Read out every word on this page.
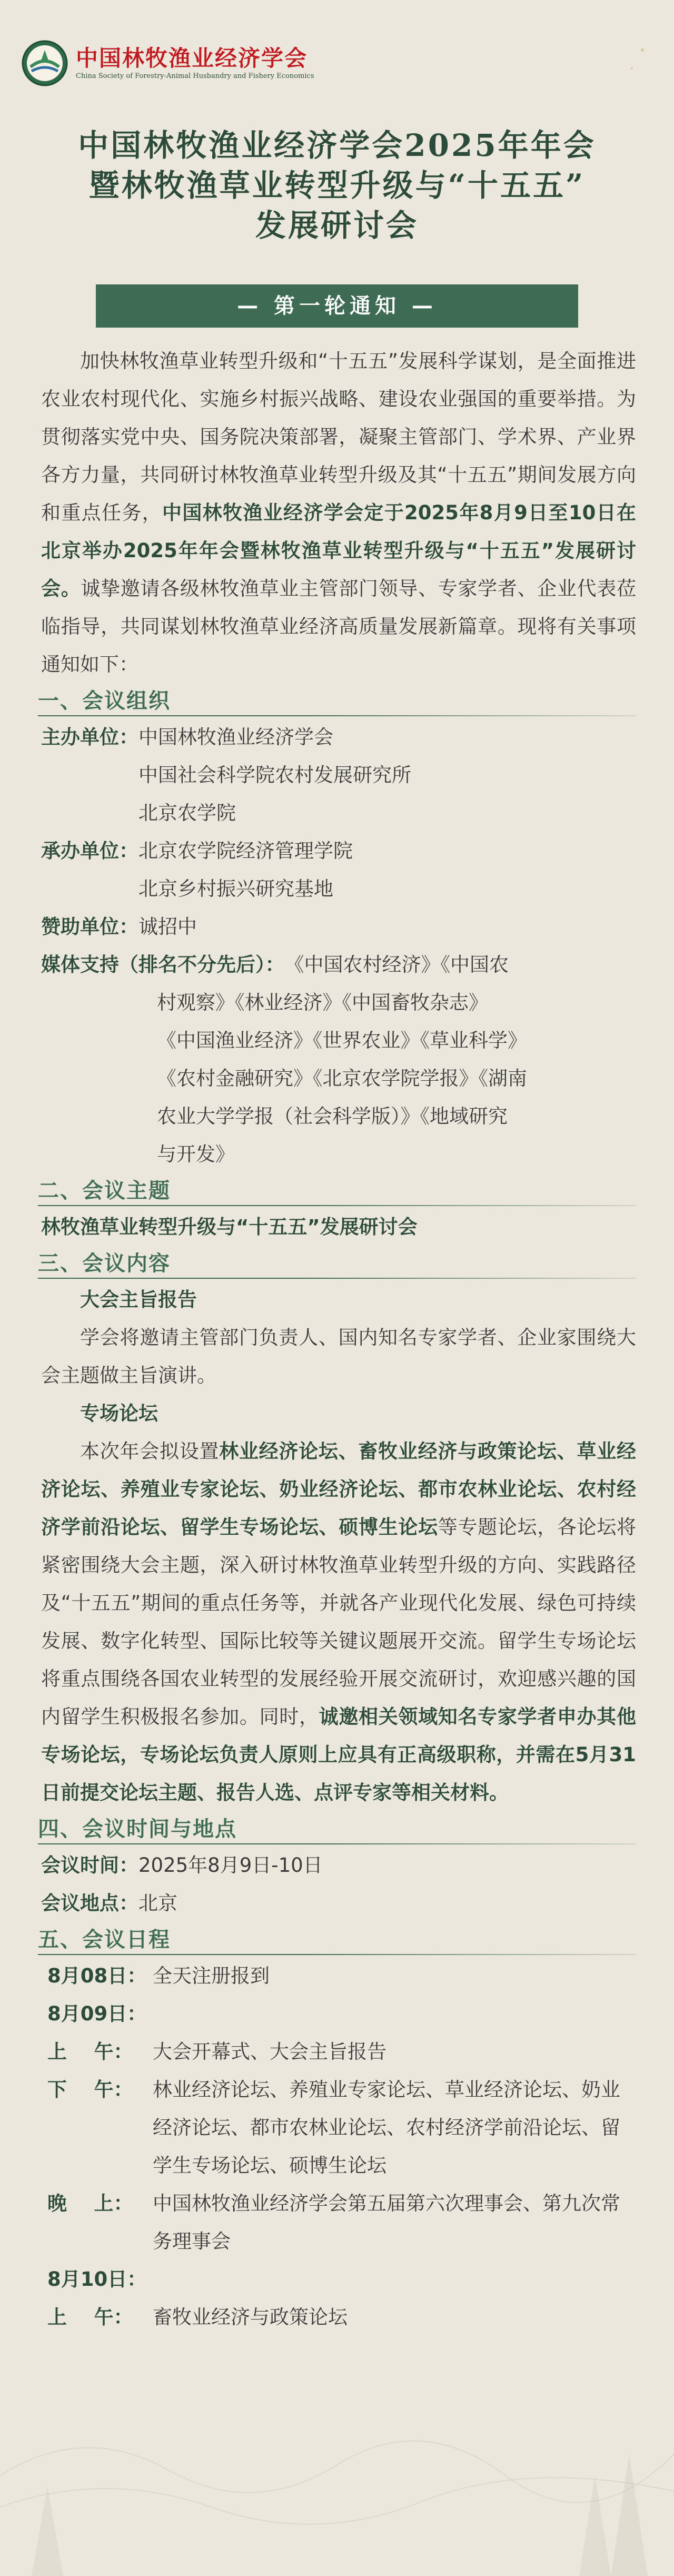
中国林牧渔业经济学会
China Society of Forestry-Animal Husbandry and Fishery Economics
中国林牧渔业经济学会2025年年会
暨林牧渔草业转型升级与“十五五”
发展研讨会
— 第一轮通知 —

加快林牧渔草业转型升级和“十五五”发展科学谋划，是全面推进农业农村现代化、实施乡村振兴战略、建设农业强国的重要举措。为贯彻落实党中央、国务院决策部署，凝聚主管部门、学术界、产业界各方力量，共同研讨林牧渔草业转型升级及其“十五五”期间发展方向和重点任务，中国林牧渔业经济学会定于2025年8月9日至10日在北京举办2025年年会暨林牧渔草业转型升级与“十五五”发展研讨会。诚挚邀请各级林牧渔草业主管部门领导、专家学者、企业代表莅临指导，共同谋划林牧渔草业经济高质量发展新篇章。现将有关事项通知如下：

一、会议组织
主办单位： 中国林牧渔业经济学会
中国社会科学院农村发展研究所
北京农学院
承办单位： 北京农学院经济管理学院
北京乡村振兴研究基地
赞助单位： 诚招中
媒体支持（排名不分先后）： 《中国农村经济》《中国农
村观察》《林业经济》《中国畜牧杂志》
《中国渔业经济》《世界农业》《草业科学》
《农村金融研究》《北京农学院学报》《湖南
农业大学学报（社会科学版）》《地域研究
与开发》
二、会议主题
林牧渔草业转型升级与“十五五”发展研讨会
三、会议内容
大会主旨报告

学会将邀请主管部门负责人、国内知名专家学者、企业家围绕大会主题做主旨演讲。

专场论坛

本次年会拟设置林业经济论坛、畜牧业经济与政策论坛、草业经济论坛、养殖业专家论坛、奶业经济论坛、都市农林业论坛、农村经济学前沿论坛、留学生专场论坛、硕博生论坛等专题论坛，各论坛将紧密围绕大会主题，深入研讨林牧渔草业转型升级的方向、实践路径及“十五五”期间的重点任务等，并就各产业现代化发展、绿色可持续发展、数字化转型、国际比较等关键议题展开交流。留学生专场论坛将重点围绕各国农业转型的发展经验开展交流研讨，欢迎感兴趣的国内留学生积极报名参加。同时，诚邀相关领域知名专家学者申办其他专场论坛，专场论坛负责人原则上应具有正高级职称，并需在5月31日前提交论坛主题、报告人选、点评专家等相关材料。

四、会议时间与地点
会议时间： 2025年8月9日-10日
会议地点： 北京
五、会议日程
8月08日： 全天注册报到
8月09日：
上    午：	大会开幕式、大会主旨报告
下    午：	林业经济论坛、养殖业专家论坛、草业经济论坛、奶业经济论坛、都市农林业论坛、农村经济学前沿论坛、留学生专场论坛、硕博生论坛
晚    上：	中国林牧渔业经济学会第五届第六次理事会、第九次常务理事会
8月10日：
上    午：	畜牧业经济与政策论坛
